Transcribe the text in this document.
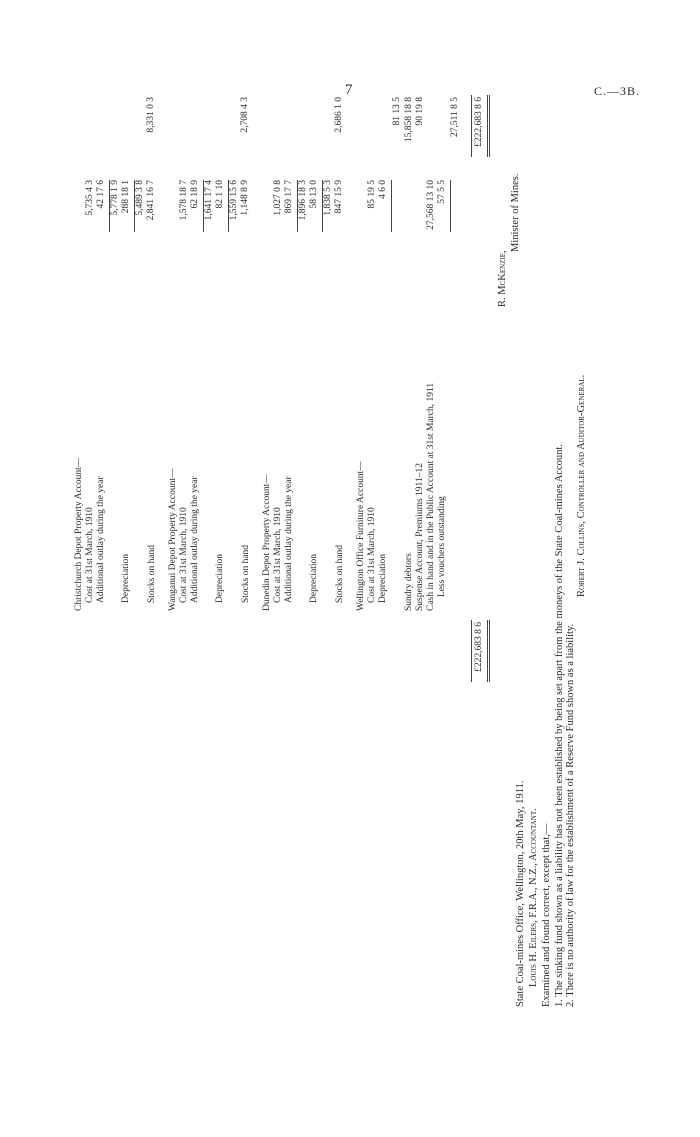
7	C.—3B.
£222,683 8 6
Christchurch Depot Property Account— Cost at 31st March, 1910 Additional outlay during the year
5,735 4 3 42 17 6 5,778 1 9
Depreciation
288 18 1 5,489 3 8
Stocks on hand
2,841 16 7
8,331 0 3
Wanganui Depot Property Account— Cost at 31st March, 1910 Additional outlay during the year
1,578 18 7 62 18 9 1,641 17 4
Depreciation
82 1 10 1,559 15 6
Stocks on hand
1,148 8 9
2,708 4 3
Dunedin Depot Property Account— Cost at 31st March, 1910 Additional outlay during the year
1,027 0 8 869 17 7 1,896 18 3
Depreciation
58 13 0 1,838 5 3
Stocks on hand
847 15 9
2,686 1 0
Wellington Office Furniture Account— Cost at 31st March, 1910 Depreciation
85 19 5 4 6 0
81 13 5
Sundry debtors
15,858 18 8
Suspense Account, Premiums 1911–12
90 19 8
Cash in hand and in the Public Account at 31st March, 1911
27,568 13 10
Less vouchers outstanding
57 5 5
27,511 8 5 £222,683 8 6
R. McKenzie,
Minister of Mines.
State Coal-mines Office, Wellington, 20th May, 1911. Louis H. Eilers, F.R.A., N.Z., Accountant. Examined and found correct, except that,— 1. The sinking fund shown as a liability has not been established by being set apart from the moneys of the State Coal-mines Account. 2. There is no authority of law for the establishment of a Reserve Fund shown as a liability.
Robert J. Collins, Controller and Auditor-General.
